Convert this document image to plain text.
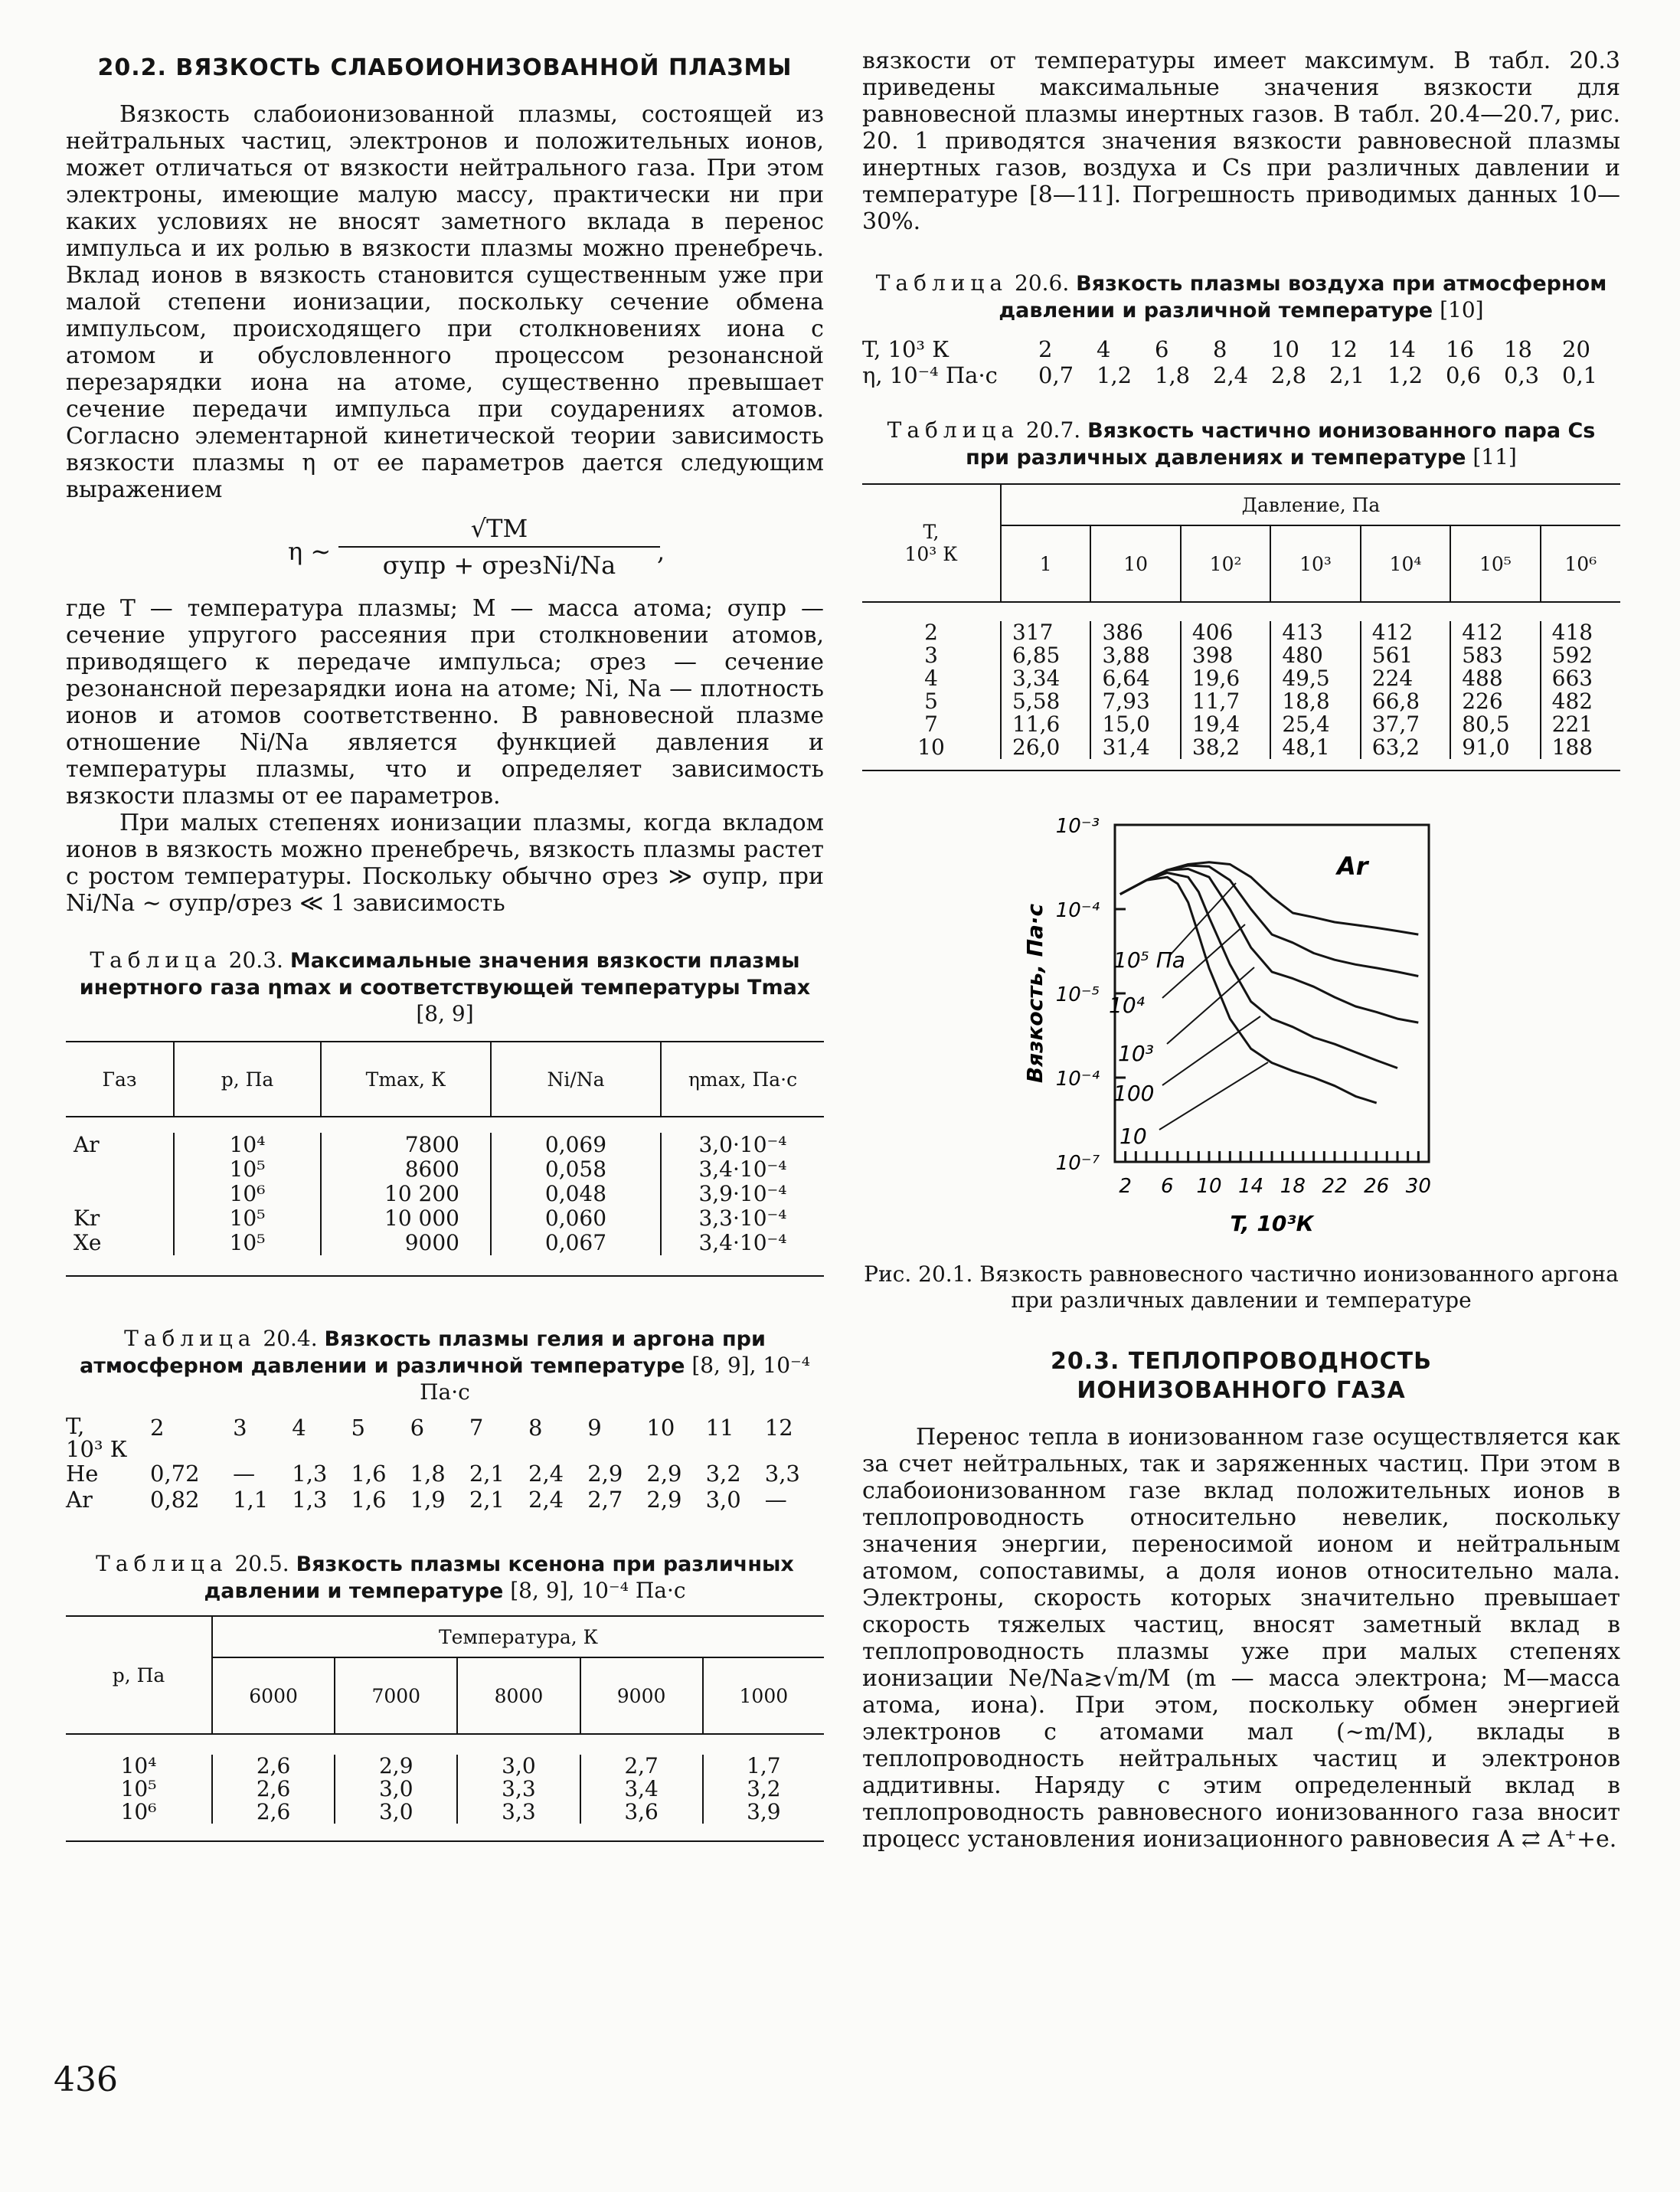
20.2. ВЯЗКОСТЬ СЛАБОИОНИЗОВАННОЙ ПЛАЗМЫ

Вязкость слабоионизованной плазмы, состоящей из нейтральных частиц, электронов и положительных ионов, может отличаться от вязкости нейтрального газа. При этом электроны, имеющие малую массу, практически ни при каких условиях не вносят заметного вклада в перенос импульса и их ролью в вязкости плазмы можно пренебречь. Вклад ионов в вязкость становится существенным уже при малой степени ионизации, поскольку сечение обмена импульсом, происходящего при столкновениях иона с атомом и обусловленного процессом резонансной перезарядки иона на атоме, существенно превышает сечение передачи импульса при соударениях атомов. Согласно элементарной кинетической теории зависимость вязкости плазмы η от ее параметров дается следующим выражением

η ∼
√TM
σупр + σрезNi/Na	,

где T — температура плазмы; M — масса атома; σупр — сечение упругого рассеяния при столкновении атомов, приводящего к передаче импульса; σрез — сечение резонансной перезарядки иона на атоме; Ni, Na — плотность ионов и атомов соответственно. В равновесной плазме отношение Ni/Na является функцией давления и температуры плазмы, что и определяет зависимость вязкости плазмы от ее параметров.

При малых степенях ионизации плазмы, когда вкладом ионов в вязкость можно пренебречь, вязкость плазмы растет с ростом температуры. Поскольку обычно σрез ≫ σупр, при Ni/Na ∼ σупр/σрез ≪ 1 зависимость

Таблица 20.3. Максимальные значения вязкости плазмы инертного газа ηmax и соответствующей температуры Tmax [8, 9]

Газ	p, Па	Tmax, К	Ni/Na	ηmax, Па·с

Ar	10⁴	7800	0,069	3,0·10⁻⁴
	10⁵	8600	0,058	3,4·10⁻⁴
	10⁶	10 200	0,048	3,9·10⁻⁴
Kr	10⁵	10 000	0,060	3,3·10⁻⁴
Xe	10⁵	9000	0,067	3,4·10⁻⁴

Таблица 20.4. Вязкость плазмы гелия и аргона при атмосферном давлении и различной температуре [8, 9], 10⁻⁴ Па·с

T,
10³ К	2	3	4	5	6	7	8	9	10	11	12
He	0,72	—	1,3	1,6	1,8	2,1	2,4	2,9	2,9	3,2	3,3
Ar	0,82	1,1	1,3	1,6	1,9	2,1	2,4	2,7	2,9	3,0	—

Таблица 20.5. Вязкость плазмы ксенона при различных давлении и температуре [8, 9], 10⁻⁴ Па·с

p, Па	Температура, К				
	6000	7000	8000	9000	1000

10⁴	2,6	2,9	3,0	2,7	1,7
10⁵	2,6	3,0	3,3	3,4	3,2
10⁶	2,6	3,0	3,3	3,6	3,9

436

вязкости от температуры имеет максимум. В табл. 20.3 приведены максимальные значения вязкости для равновесной плазмы инертных газов. В табл. 20.4—20.7, рис. 20. 1 приводятся значения вязкости равновесной плазмы инертных газов, воздуха и Cs при различных давлении и температуре [8—11]. Погрешность приводимых данных 10—30%.

Таблица 20.6. Вязкость плазмы воздуха при атмосферном давлении и различной температуре [10]

T, 10³ К	2	4	6	8	10	12	14	16	18	20
η, 10⁻⁴ Па·с	0,7	1,2	1,8	2,4	2,8	2,1	1,2	0,6	0,3	0,1

Таблица 20.7. Вязкость частично ионизованного пара Cs при различных давлениях и температуре [11]

T,
10³ К	Давление, Па						
	1	10	10²	10³	10⁴	10⁵	10⁶

2	317	386	406	413	412	412	418
3	6,85	3,88	398	480	561	583	592
4	3,34	6,64	19,6	49,5	224	488	663
5	5,58	7,93	11,7	18,8	66,8	226	482
7	11,6	15,0	19,4	25,4	37,7	80,5	221
10	26,0	31,4	38,2	48,1	63,2	91,0	188

10⁻³
10⁻⁴
10⁻⁵
10⁻⁴
10⁻⁷
2 6 10 14 18 22 26 30
10⁵ Па
10⁴
10³
100
10
Ar
T, 10³К
Вязкость, Па·с

Рис. 20.1. Вязкость равновесного частично ионизованного аргона при различных давлении и температуре

20.3. ТЕПЛОПРОВОДНОСТЬ ИОНИЗОВАННОГО ГАЗА

Перенос тепла в ионизованном газе осуществляется как за счет нейтральных, так и заряженных частиц. При этом в слабоионизованном газе вклад положительных ионов в теплопроводность относительно невелик, поскольку значения энергии, переносимой ионом и нейтральным атомом, сопоставимы, а доля ионов относительно мала. Электроны, скорость которых значительно превышает скорость тяжелых частиц, вносят заметный вклад в теплопроводность плазмы уже при малых степенях ионизации Ne/Na≳√m/M (m — масса электрона; M—масса атома, иона). При этом, поскольку обмен энергией электронов с атомами мал (∼m/M), вклады в теплопроводность нейтральных частиц и электронов аддитивны. Наряду с этим определенный вклад в теплопроводность равновесного ионизованного газа вносит процесс установления ионизационного равновесия A ⇄ A⁺+e.
